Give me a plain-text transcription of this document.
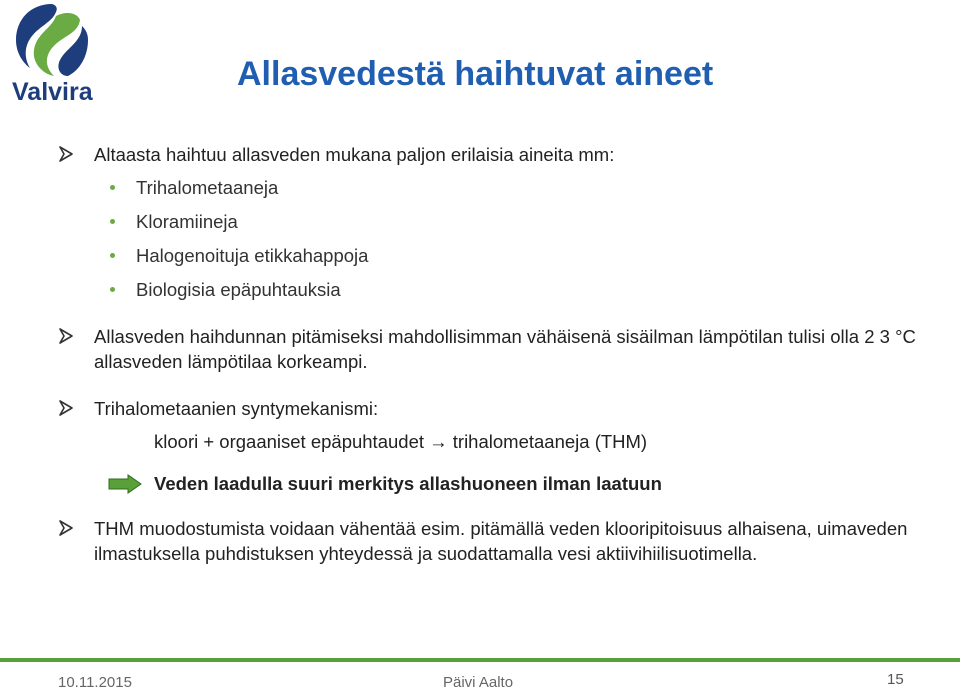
Valvira	Allasvedestä haihtuvat aineet
Altaasta haihtuu allasveden mukana paljon erilaisia aineita mm:
Trihalometaaneja
Kloramiineja
Halogenoituja etikkahappoja
Biologisia epäpuhtauksia
Allasveden haihdunnan pitämiseksi mahdollisimman vähäisenä sisäilman lämpötilan tulisi olla 2 3 °C allasveden lämpötilaa korkeampi.
Trihalometaanien syntymekanismi:
kloori + orgaaniset epäpuhtaudet → trihalometaaneja (THM)
Veden laadulla suuri merkitys allashuoneen ilman laatuun
THM muodostumista voidaan vähentää esim. pitämällä veden klooripitoisuus alhaisena, uimaveden ilmastuksella puhdistuksen yhteydessä ja suodattamalla vesi aktiivihiilisuotimella.
10.11.2015	Päivi Aalto	15
